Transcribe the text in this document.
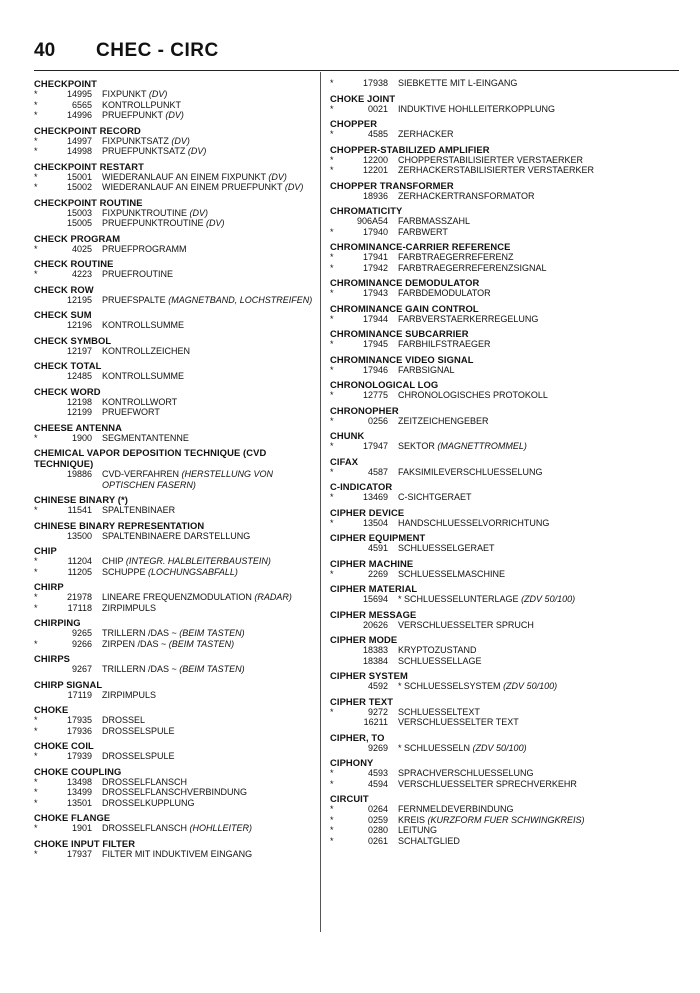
40 CHEC - CIRC
CHECKPOINT
*	14995	FIXPUNKT (DV)
*	6565	KONTROLLPUNKT
*	14996	PRUEFPUNKT (DV)
CHECKPOINT RECORD
*	14997	FIXPUNKTSATZ (DV)
*	14998	PRUEFPUNKTSATZ (DV)
CHECKPOINT RESTART
*	15001	WIEDERANLAUF AN EINEM FIXPUNKT (DV)
*	15002	WIEDERANLAUF AN EINEM PRUEFPUNKT (DV)
CHECKPOINT ROUTINE
15003	FIXPUNKTROUTINE (DV)
15005	PRUEFPUNKTROUTINE (DV)
CHECK PROGRAM
*	4025	PRUEFPROGRAMM
CHECK ROUTINE
*	4223	PRUEFROUTINE
CHECK ROW
12195	PRUEFSPALTE (MAGNETBAND, LOCHSTREIFEN)
CHECK SUM
12196	KONTROLLSUMME
CHECK SYMBOL
12197	KONTROLLZEICHEN
CHECK TOTAL
12485	KONTROLLSUMME
CHECK WORD
12198	KONTROLLWORT
12199	PRUEFWORT
CHEESE ANTENNA
*	1900	SEGMENTANTENNE
CHEMICAL VAPOR DEPOSITION TECHNIQUE (CVD TECHNIQUE)
19886	CVD-VERFAHREN (HERSTELLUNG VON
OPTISCHEN FASERN)
CHINESE BINARY (*)
*	11541	SPALTENBINAER
CHINESE BINARY REPRESENTATION
13500	SPALTENBINAERE DARSTELLUNG
CHIP
*	11204	CHIP (INTEGR. HALBLEITERBAUSTEIN)
*	11205	SCHUPPE (LOCHUNGSABFALL)
CHIRP
*	21978	LINEARE FREQUENZMODULATION (RADAR)
*	17118	ZIRPIMPULS
CHIRPING
9265	TRILLERN /DAS ~ (BEIM TASTEN)
*	9266	ZIRPEN /DAS ~ (BEIM TASTEN)
CHIRPS
9267	TRILLERN /DAS ~ (BEIM TASTEN)
CHIRP SIGNAL
17119	ZIRPIMPULS
CHOKE
*	17935	DROSSEL
*	17936	DROSSELSPULE
CHOKE COIL
*	17939	DROSSELSPULE
CHOKE COUPLING
*	13498	DROSSELFLANSCH
*	13499	DROSSELFLANSCHVERBINDUNG
*	13501	DROSSELKUPPLUNG
CHOKE FLANGE
*	1901	DROSSELFLANSCH (HOHLLEITER)
CHOKE INPUT FILTER
*	17937	FILTER MIT INDUKTIVEM EINGANG
*	17938	SIEBKETTE MIT L-EINGANG
CHOKE JOINT
*	0021	INDUKTIVE HOHLLEITERKOPPLUNG
CHOPPER
*	4585	ZERHACKER
CHOPPER-STABILIZED AMPLIFIER
*	12200	CHOPPERSTABILISIERTER VERSTAERKER
*	12201	ZERHACKERSTABILISIERTER VERSTAERKER
CHOPPER TRANSFORMER
18936	ZERHACKERTRANSFORMATOR
CHROMATICITY
906A54	FARBMASSZAHL
*	17940	FARBWERT
CHROMINANCE-CARRIER REFERENCE
*	17941	FARBTRAEGERREFERENZ
*	17942	FARBTRAEGERREFERENZSIGNAL
CHROMINANCE DEMODULATOR
*	17943	FARBDEMODULATOR
CHROMINANCE GAIN CONTROL
*	17944	FARBVERSTAERKERREGELUNG
CHROMINANCE SUBCARRIER
*	17945	FARBHILFSTRAEGER
CHROMINANCE VIDEO SIGNAL
*	17946	FARBSIGNAL
CHRONOLOGICAL LOG
*	12775	CHRONOLOGISCHES PROTOKOLL
CHRONOPHER
*	0256	ZEITZEICHENGEBER
CHUNK
*	17947	SEKTOR (MAGNETTROMMEL)
CIFAX
*	4587	FAKSIMILEVERSCHLUESSELUNG
C-INDICATOR
*	13469	C-SICHTGERAET
CIPHER DEVICE
*	13504	HANDSCHLUESSELVORRICHTUNG
CIPHER EQUIPMENT
4591	SCHLUESSELGERAET
CIPHER MACHINE
*	2269	SCHLUESSELMASCHINE
CIPHER MATERIAL
15694	* SCHLUESSELUNTERLAGE (ZDV 50/100)
CIPHER MESSAGE
20626	VERSCHLUESSELTER SPRUCH
CIPHER MODE
18383	KRYPTOZUSTAND
18384	SCHLUESSELLAGE
CIPHER SYSTEM
4592	* SCHLUESSELSYSTEM (ZDV 50/100)
CIPHER TEXT
*	9272	SCHLUESSELTEXT
16211	VERSCHLUESSELTER TEXT
CIPHER, TO
9269	* SCHLUESSELN (ZDV 50/100)
CIPHONY
*	4593	SPRACHVERSCHLUESSELUNG
*	4594	VERSCHLUESSELTER SPRECHVERKEHR
CIRCUIT
*	0264	FERNMELDEVERBINDUNG
*	0259	KREIS (KURZFORM FUER SCHWINGKREIS)
*	0280	LEITUNG
*	0261	SCHALTGLIED
